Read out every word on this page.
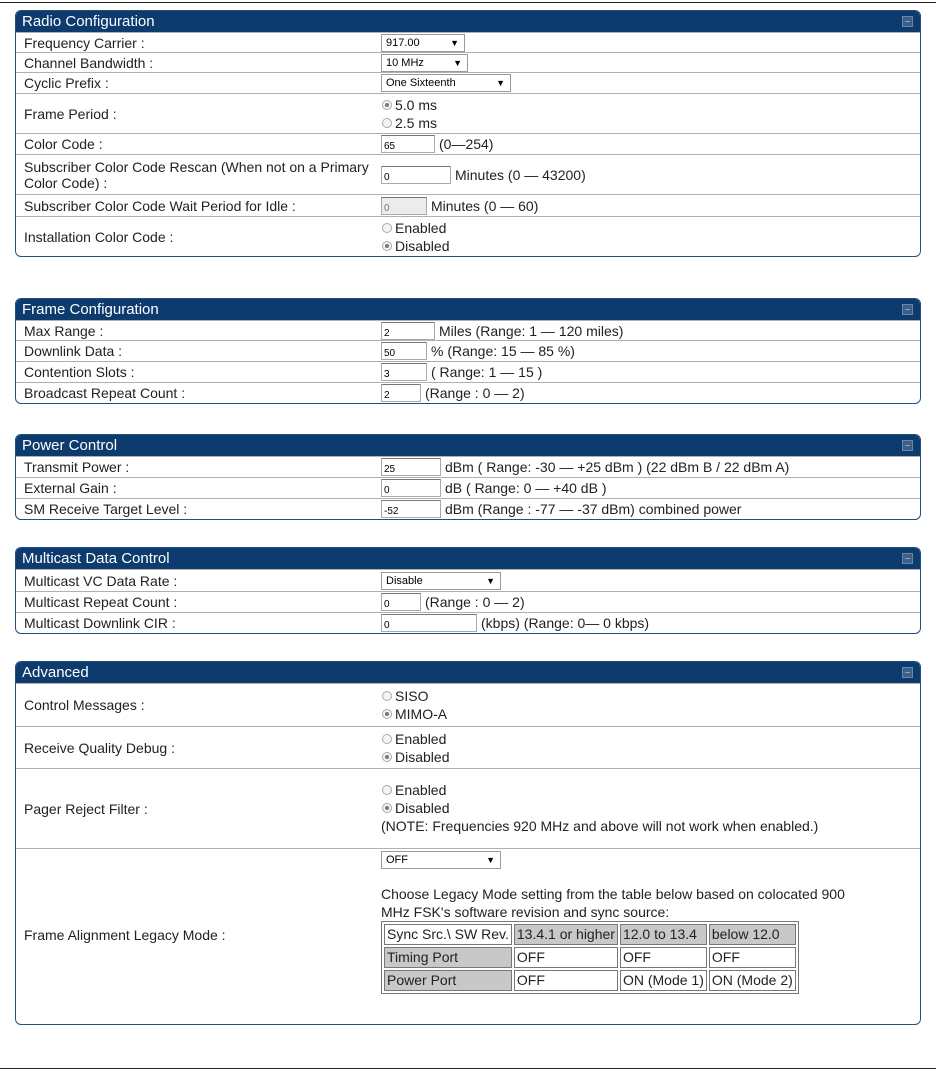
Radio Configuration
Frequency Carrier :	917.00	▼
Channel Bandwidth :	10 MHz	▼
Cyclic Prefix :	One Sixteenth	▼
Frame Period :
5.0 ms
2.5 ms
Color Code :	65	(0—254)
Subscriber Color Code Rescan (When not on a Primary Color Code) :	0	Minutes (0 — 43200)
Subscriber Color Code Wait Period for Idle :	0	Minutes (0 — 60)
Installation Color Code :
Enabled
Disabled
Frame Configuration
Max Range :	2	Miles (Range: 1 — 120 miles)
Downlink Data :	50	% (Range: 15 — 85 %)
Contention Slots :	3	( Range: 1 — 15 )
Broadcast Repeat Count :	2	(Range : 0 — 2)
Power Control
Transmit Power :	25	dBm ( Range: -30 — +25 dBm ) (22 dBm B / 22 dBm A)
External Gain :	0	dB ( Range: 0 — +40 dB )
SM Receive Target Level :	-52	dBm (Range : -77 — -37 dBm) combined power
Multicast Data Control
Multicast VC Data Rate :	Disable	▼
Multicast Repeat Count :	0	(Range : 0 — 2)
Multicast Downlink CIR :	0	(kbps) (Range: 0— 0 kbps)
Advanced
Control Messages :
SISO
MIMO-A
Receive Quality Debug :
Enabled
Disabled
Pager Reject Filter :
Enabled
Disabled
(NOTE: Frequencies 920 MHz and above will not work when enabled.)
Frame Alignment Legacy Mode :
OFF	▼
Choose Legacy Mode setting from the table below based on colocated 900 MHz FSK's software revision and sync source:
Sync Src.\ SW Rev.	13.4.1 or higher	12.0 to 13.4	below 12.0
Timing Port	OFF	OFF	OFF
Power Port	OFF	ON (Mode 1)	ON (Mode 2)
